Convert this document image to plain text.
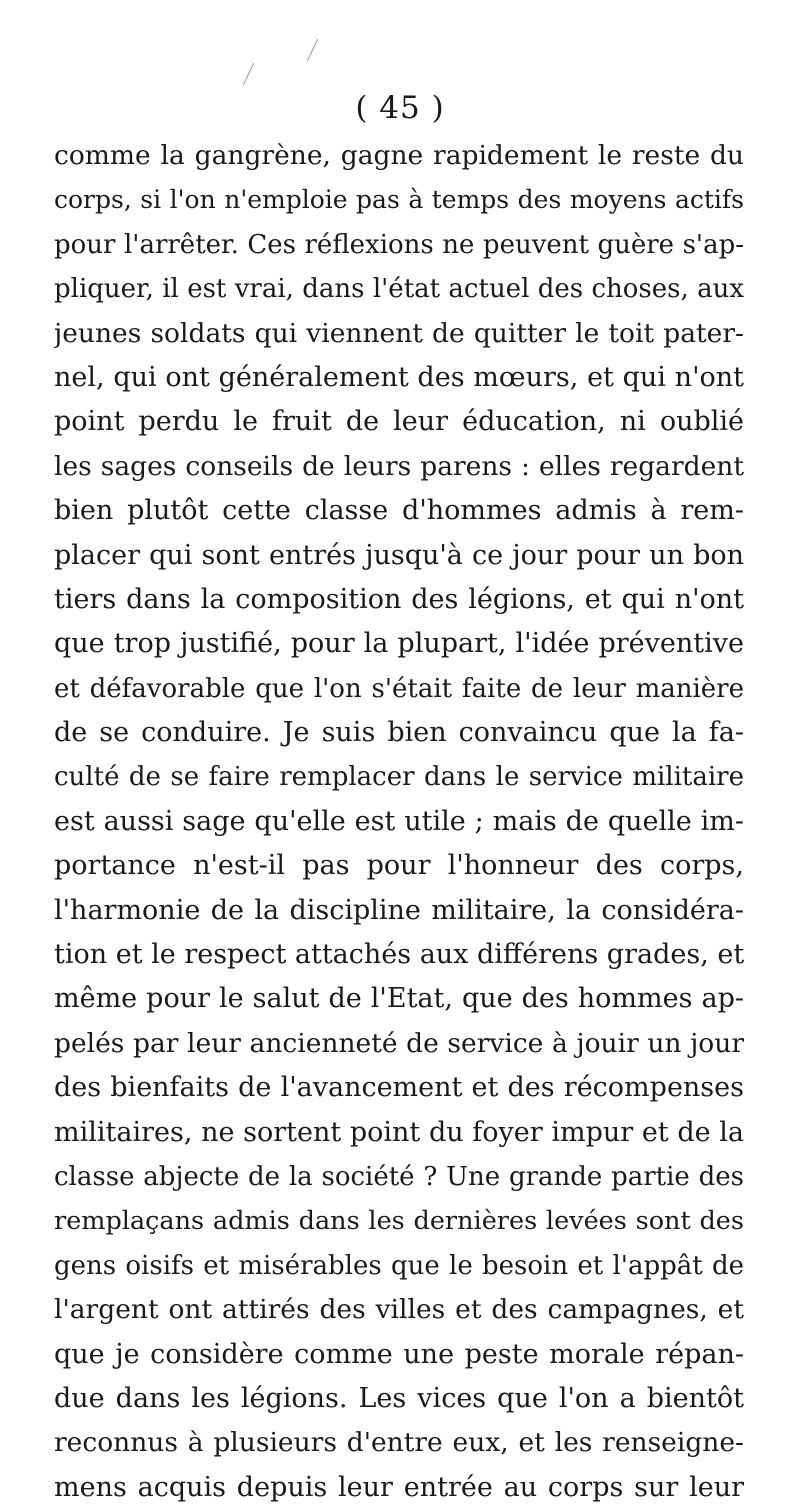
( 45 )
comme la gangrène, gagne rapidement le reste du
corps, si l'on n'emploie pas à temps des moyens actifs
pour l'arrêter. Ces réflexions ne peuvent guère s'ap-
pliquer, il est vrai, dans l'état actuel des choses, aux
jeunes soldats qui viennent de quitter le toit pater-
nel, qui ont généralement des mœurs, et qui n'ont
point perdu le fruit de leur éducation, ni oublié
les sages conseils de leurs parens : elles regardent
bien plutôt cette classe d'hommes admis à rem-
placer qui sont entrés jusqu'à ce jour pour un bon
tiers dans la composition des légions, et qui n'ont
que trop justifié, pour la plupart, l'idée préventive
et défavorable que l'on s'était faite de leur manière
de se conduire. Je suis bien convaincu que la fa-
culté de se faire remplacer dans le service militaire
est aussi sage qu'elle est utile ; mais de quelle im-
portance n'est-il pas pour l'honneur des corps,
l'harmonie de la discipline militaire, la considéra-
tion et le respect attachés aux différens grades, et
même pour le salut de l'Etat, que des hommes ap-
pelés par leur ancienneté de service à jouir un jour
des bienfaits de l'avancement et des récompenses
militaires, ne sortent point du foyer impur et de la
classe abjecte de la société ? Une grande partie des
remplaçans admis dans les dernières levées sont des
gens oisifs et misérables que le besoin et l'appât de
l'argent ont attirés des villes et des campagnes, et
que je considère comme une peste morale répan-
due dans les légions. Les vices que l'on a bientôt
reconnus à plusieurs d'entre eux, et les renseigne-
mens acquis depuis leur entrée au corps sur leur
